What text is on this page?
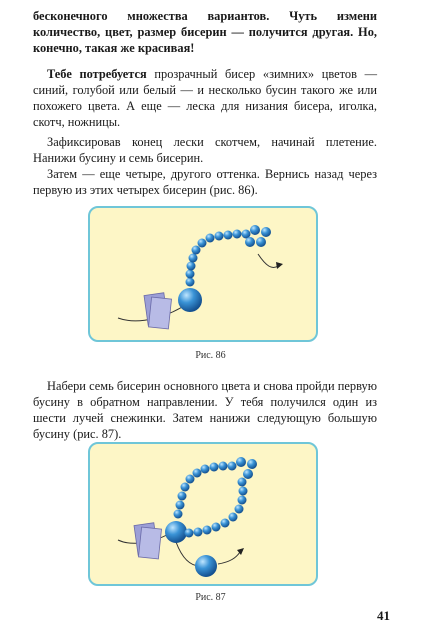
бесконечного множества вариантов. Чуть измени количество, цвет, размер бисерин — получится другая. Но, конечно, такая же красивая!

Тебе потребуется прозрачный бисер «зимних» цветов — синий, голубой или белый — и несколько бусин такого же или похожего цвета. А еще — леска для низания бисера, иголка, скотч, ножницы.

Зафиксировав конец лески скотчем, начинай плетение. Нанижи бусину и семь бисерин.

Затем — еще четыре, другого оттенка. Вернись назад через первую из этих четырех бисерин (рис. 86).

Рис. 86

Набери семь бисерин основного цвета и снова пройди первую бусину в обратном направлении. У тебя получился один из шести лучей снежинки. Затем нанижи следующую большую бусину (рис. 87).

Рис. 87
41
